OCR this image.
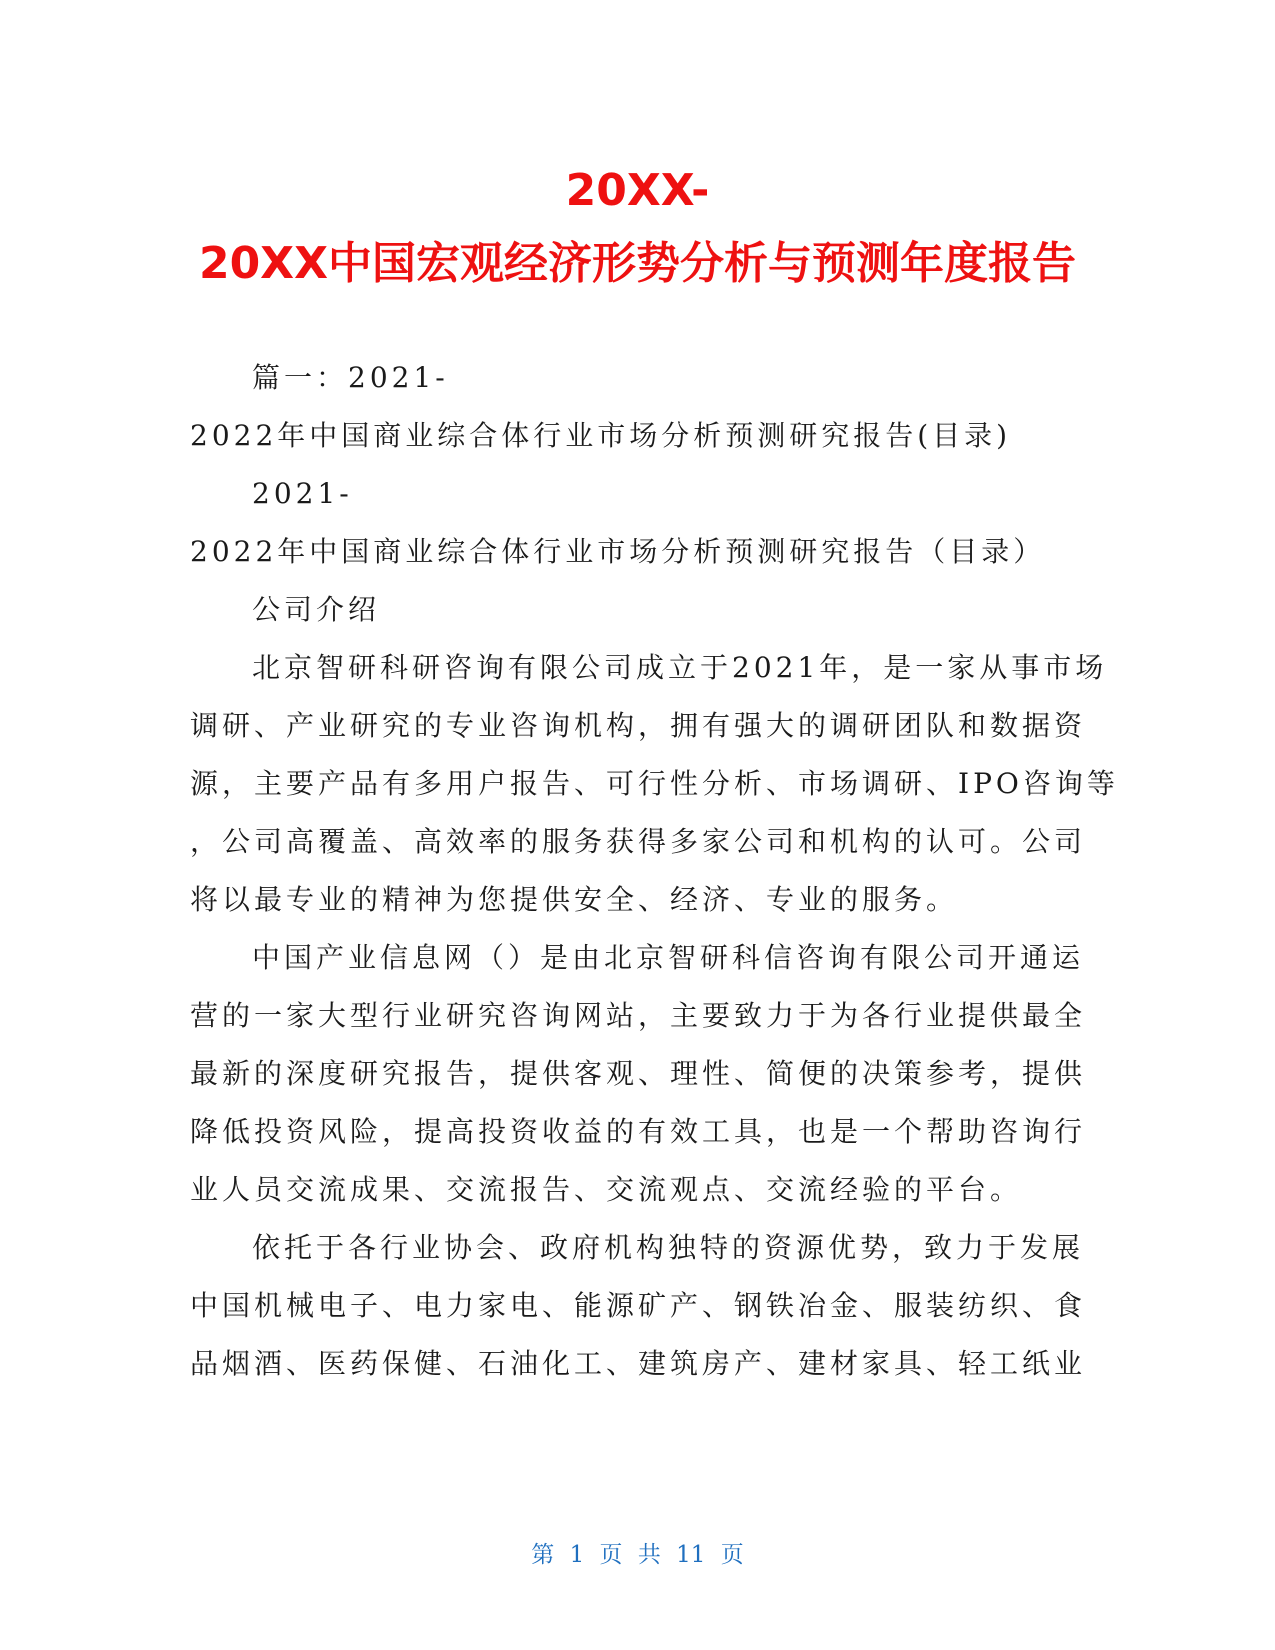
20XX-
20XX中国宏观经济形势分析与预测年度报告
篇一：2021-
2022年中国商业综合体行业市场分析预测研究报告(目录)
2021-
2022年中国商业综合体行业市场分析预测研究报告（目录）
公司介绍
北京智研科研咨询有限公司成立于2021年，是一家从事市场
调研、产业研究的专业咨询机构，拥有强大的调研团队和数据资
源，主要产品有多用户报告、可行性分析、市场调研、IPO咨询等
，公司高覆盖、高效率的服务获得多家公司和机构的认可。公司
将以最专业的精神为您提供安全、经济、专业的服务。
中国产业信息网（）是由北京智研科信咨询有限公司开通运
营的一家大型行业研究咨询网站，主要致力于为各行业提供最全
最新的深度研究报告，提供客观、理性、简便的决策参考，提供
降低投资风险，提高投资收益的有效工具，也是一个帮助咨询行
业人员交流成果、交流报告、交流观点、交流经验的平台。
依托于各行业协会、政府机构独特的资源优势，致力于发展
中国机械电子、电力家电、能源矿产、钢铁冶金、服装纺织、食
品烟酒、医药保健、石油化工、建筑房产、建材家具、轻工纸业
第 1 页 共 11 页
